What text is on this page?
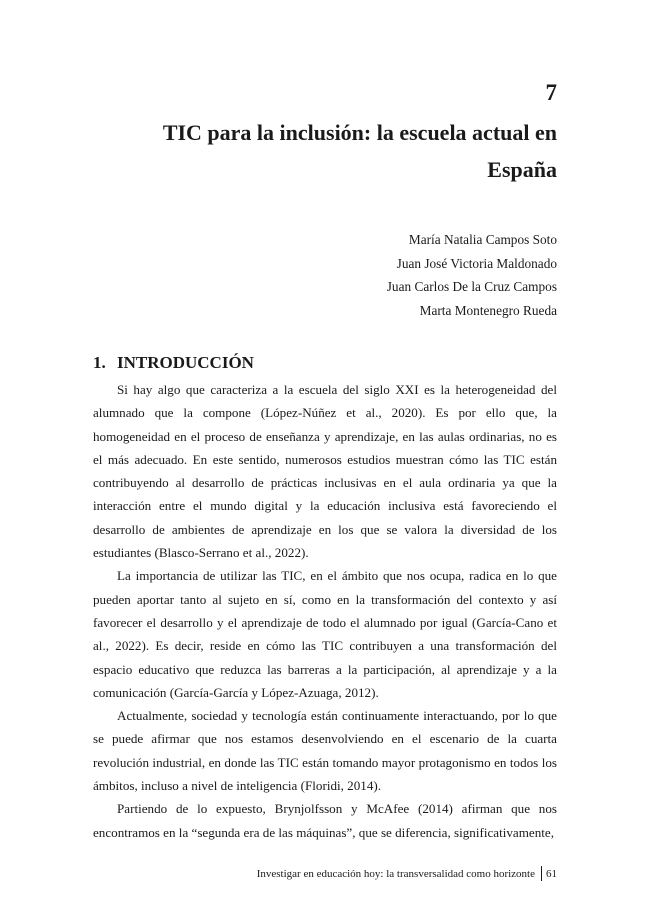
7
TIC para la inclusión: la escuela actual en España
María Natalia Campos Soto
Juan José Victoria Maldonado
Juan Carlos De la Cruz Campos
Marta Montenegro Rueda
1. INTRODUCCIÓN

Si hay algo que caracteriza a la escuela del siglo XXI es la heterogeneidad del alumnado que la compone (López-Núñez et al., 2020). Es por ello que, la homogeneidad en el proceso de enseñanza y aprendizaje, en las aulas ordinarias, no es el más adecuado. En este sentido, numerosos estudios muestran cómo las TIC están contribuyendo al desarrollo de prácticas inclusivas en el aula ordinaria ya que la interacción entre el mundo digital y la educación inclusiva está favoreciendo el desarrollo de ambientes de aprendizaje en los que se valora la diversidad de los estudiantes (Blasco-Serrano et al., 2022).

La importancia de utilizar las TIC, en el ámbito que nos ocupa, radica en lo que pueden aportar tanto al sujeto en sí, como en la transformación del contexto y así favorecer el desarrollo y el aprendizaje de todo el alumnado por igual (García-Cano et al., 2022). Es decir, reside en cómo las TIC contribuyen a una transformación del espacio educativo que reduzca las barreras a la participación, al aprendizaje y a la comunicación (García-García y López-Azuaga, 2012).

Actualmente, sociedad y tecnología están continuamente interactuando, por lo que se puede afirmar que nos estamos desenvolviendo en el escenario de la cuarta revolución industrial, en donde las TIC están tomando mayor protagonismo en todos los ámbitos, incluso a nivel de inteligencia (Floridi, 2014).

Partiendo de lo expuesto, Brynjolfsson y McAfee (2014) afirman que nos encontramos en la “segunda era de las máquinas”, que se diferencia, significativamente,

Investigar en educación hoy: la transversalidad como horizonte 61
